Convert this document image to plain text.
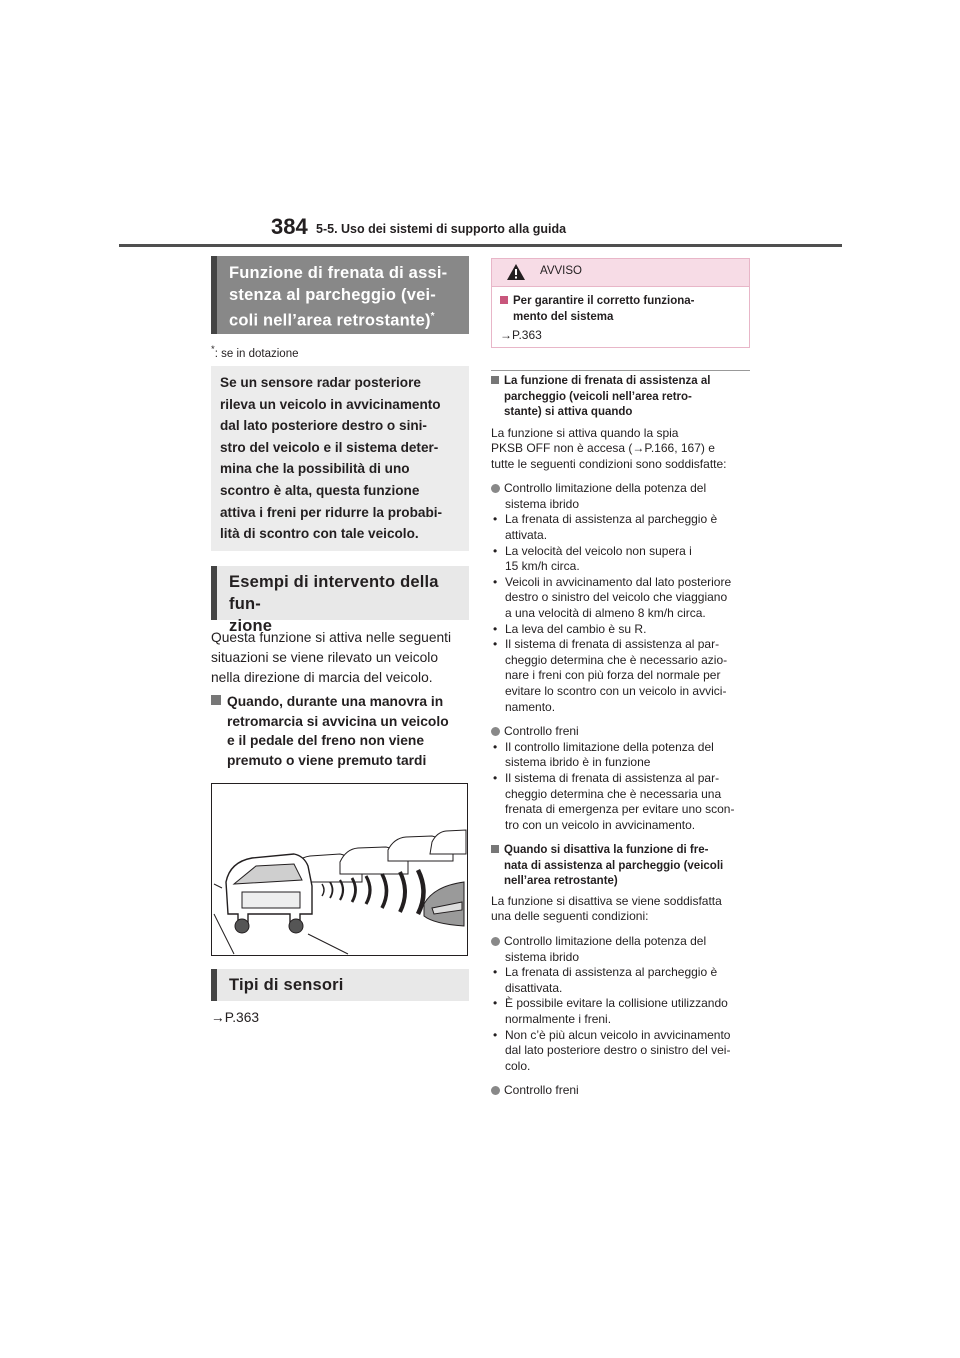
384 5-5. Uso dei sistemi di supporto alla guida
Funzione di frenata di assi-
stenza al parcheggio (vei-
coli nell’area retrostante)*
*: se in dotazione
Se un sensore radar posteriore
rileva un veicolo in avvicinamento
dal lato posteriore destro o sini-
stro del veicolo e il sistema deter-
mina che la possibilità di uno
scontro è alta, questa funzione
attiva i freni per ridurre la probabi-
lità di scontro con tale veicolo.
Esempi di intervento della fun-
zione
Questa funzione si attiva nelle seguenti
situazioni se viene rilevato un veicolo
nella direzione di marcia del veicolo.
Quando, durante una manovra in
retromarcia si avvicina un veicolo
e il pedale del freno non viene
premuto o viene premuto tardi
Tipi di sensori
→P.363
AVVISO
Per garantire il corretto funziona-
mento del sistema
→P.363
La funzione di frenata di assistenza al
parcheggio (veicoli nell’area retro-
stante) si attiva quando
La funzione si attiva quando la spia
PKSB OFF non è accesa (→P.166, 167) e
tutte le seguenti condizioni sono soddisfatte:
Controllo limitazione della potenza del
sistema ibrido
• La frenata di assistenza al parcheggio è
attivata.
• La velocità del veicolo non supera i
15 km/h circa.
• Veicoli in avvicinamento dal lato posteriore
destro o sinistro del veicolo che viaggiano
a una velocità di almeno 8 km/h circa.
• La leva del cambio è su R.
• Il sistema di frenata di assistenza al par-
cheggio determina che è necessario azio-
nare i freni con più forza del normale per
evitare lo scontro con un veicolo in avvici-
namento.
Controllo freni
• Il controllo limitazione della potenza del
sistema ibrido è in funzione
• Il sistema di frenata di assistenza al par-
cheggio determina che è necessaria una
frenata di emergenza per evitare uno scon-
tro con un veicolo in avvicinamento.
Quando si disattiva la funzione di fre-
nata di assistenza al parcheggio (veicoli
nell’area retrostante)
La funzione si disattiva se viene soddisfatta
una delle seguenti condizioni:
Controllo limitazione della potenza del
sistema ibrido
• La frenata di assistenza al parcheggio è
disattivata.
• È possibile evitare la collisione utilizzando
normalmente i freni.
• Non c’è più alcun veicolo in avvicinamento
dal lato posteriore destro o sinistro del vei-
colo.
Controllo freni
